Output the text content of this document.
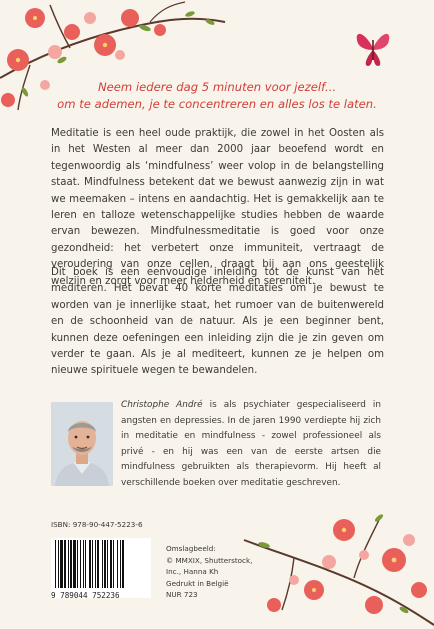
Neem iedere dag 5 minuten voor jezelf...
om te ademen, je te concentreren en alles los te laten.
Meditatie is een heel oude praktijk, die zowel in het Oosten als in het Westen al meer dan 2000 jaar beoefend wordt en tegenwoordig als ‘mindfulness’ weer volop in de belangstelling staat. Mindfulness betekent dat we bewust aanwezig zijn in wat we meemaken – intens en aandachtig. Het is gemakkelijk aan te leren en talloze wetenschappelijke studies hebben de waarde ervan bewezen. Mindfulnessmeditatie is goed voor onze gezondheid: het verbetert onze immuniteit, vertraagt de veroudering van onze cellen, draagt bij aan ons geestelijk welzijn en zorgt voor meer helderheid en sereniteit.
Dit boek is een eenvoudige inleiding tot de kunst van het mediteren. Het bevat 40 korte meditaties om je bewust te worden van je innerlijke staat, het rumoer van de buitenwereld en de schoonheid van de natuur. Als je een beginner bent, kunnen deze oefeningen een inleiding zijn die je zin geven om verder te gaan. Als je al mediteert, kunnen ze je helpen om nieuwe spirituele wegen te bewandelen.
Christophe André is als psychiater gespecialiseerd in angsten en depressies. In de jaren 1990 verdiepte hij zich in meditatie en mindfulness - zowel professioneel als privé - en hij was een van de eerste artsen die mindfulness gebruikten als therapievorm. Hij heeft al verschillende boeken over meditatie geschreven.
ISBN: 978-90-447-5223-6
9 789044 752236
Omslagbeeld:
© MMXIX, Shutterstock,
Inc., Hanna Kh
Gedrukt in België
NUR 723
